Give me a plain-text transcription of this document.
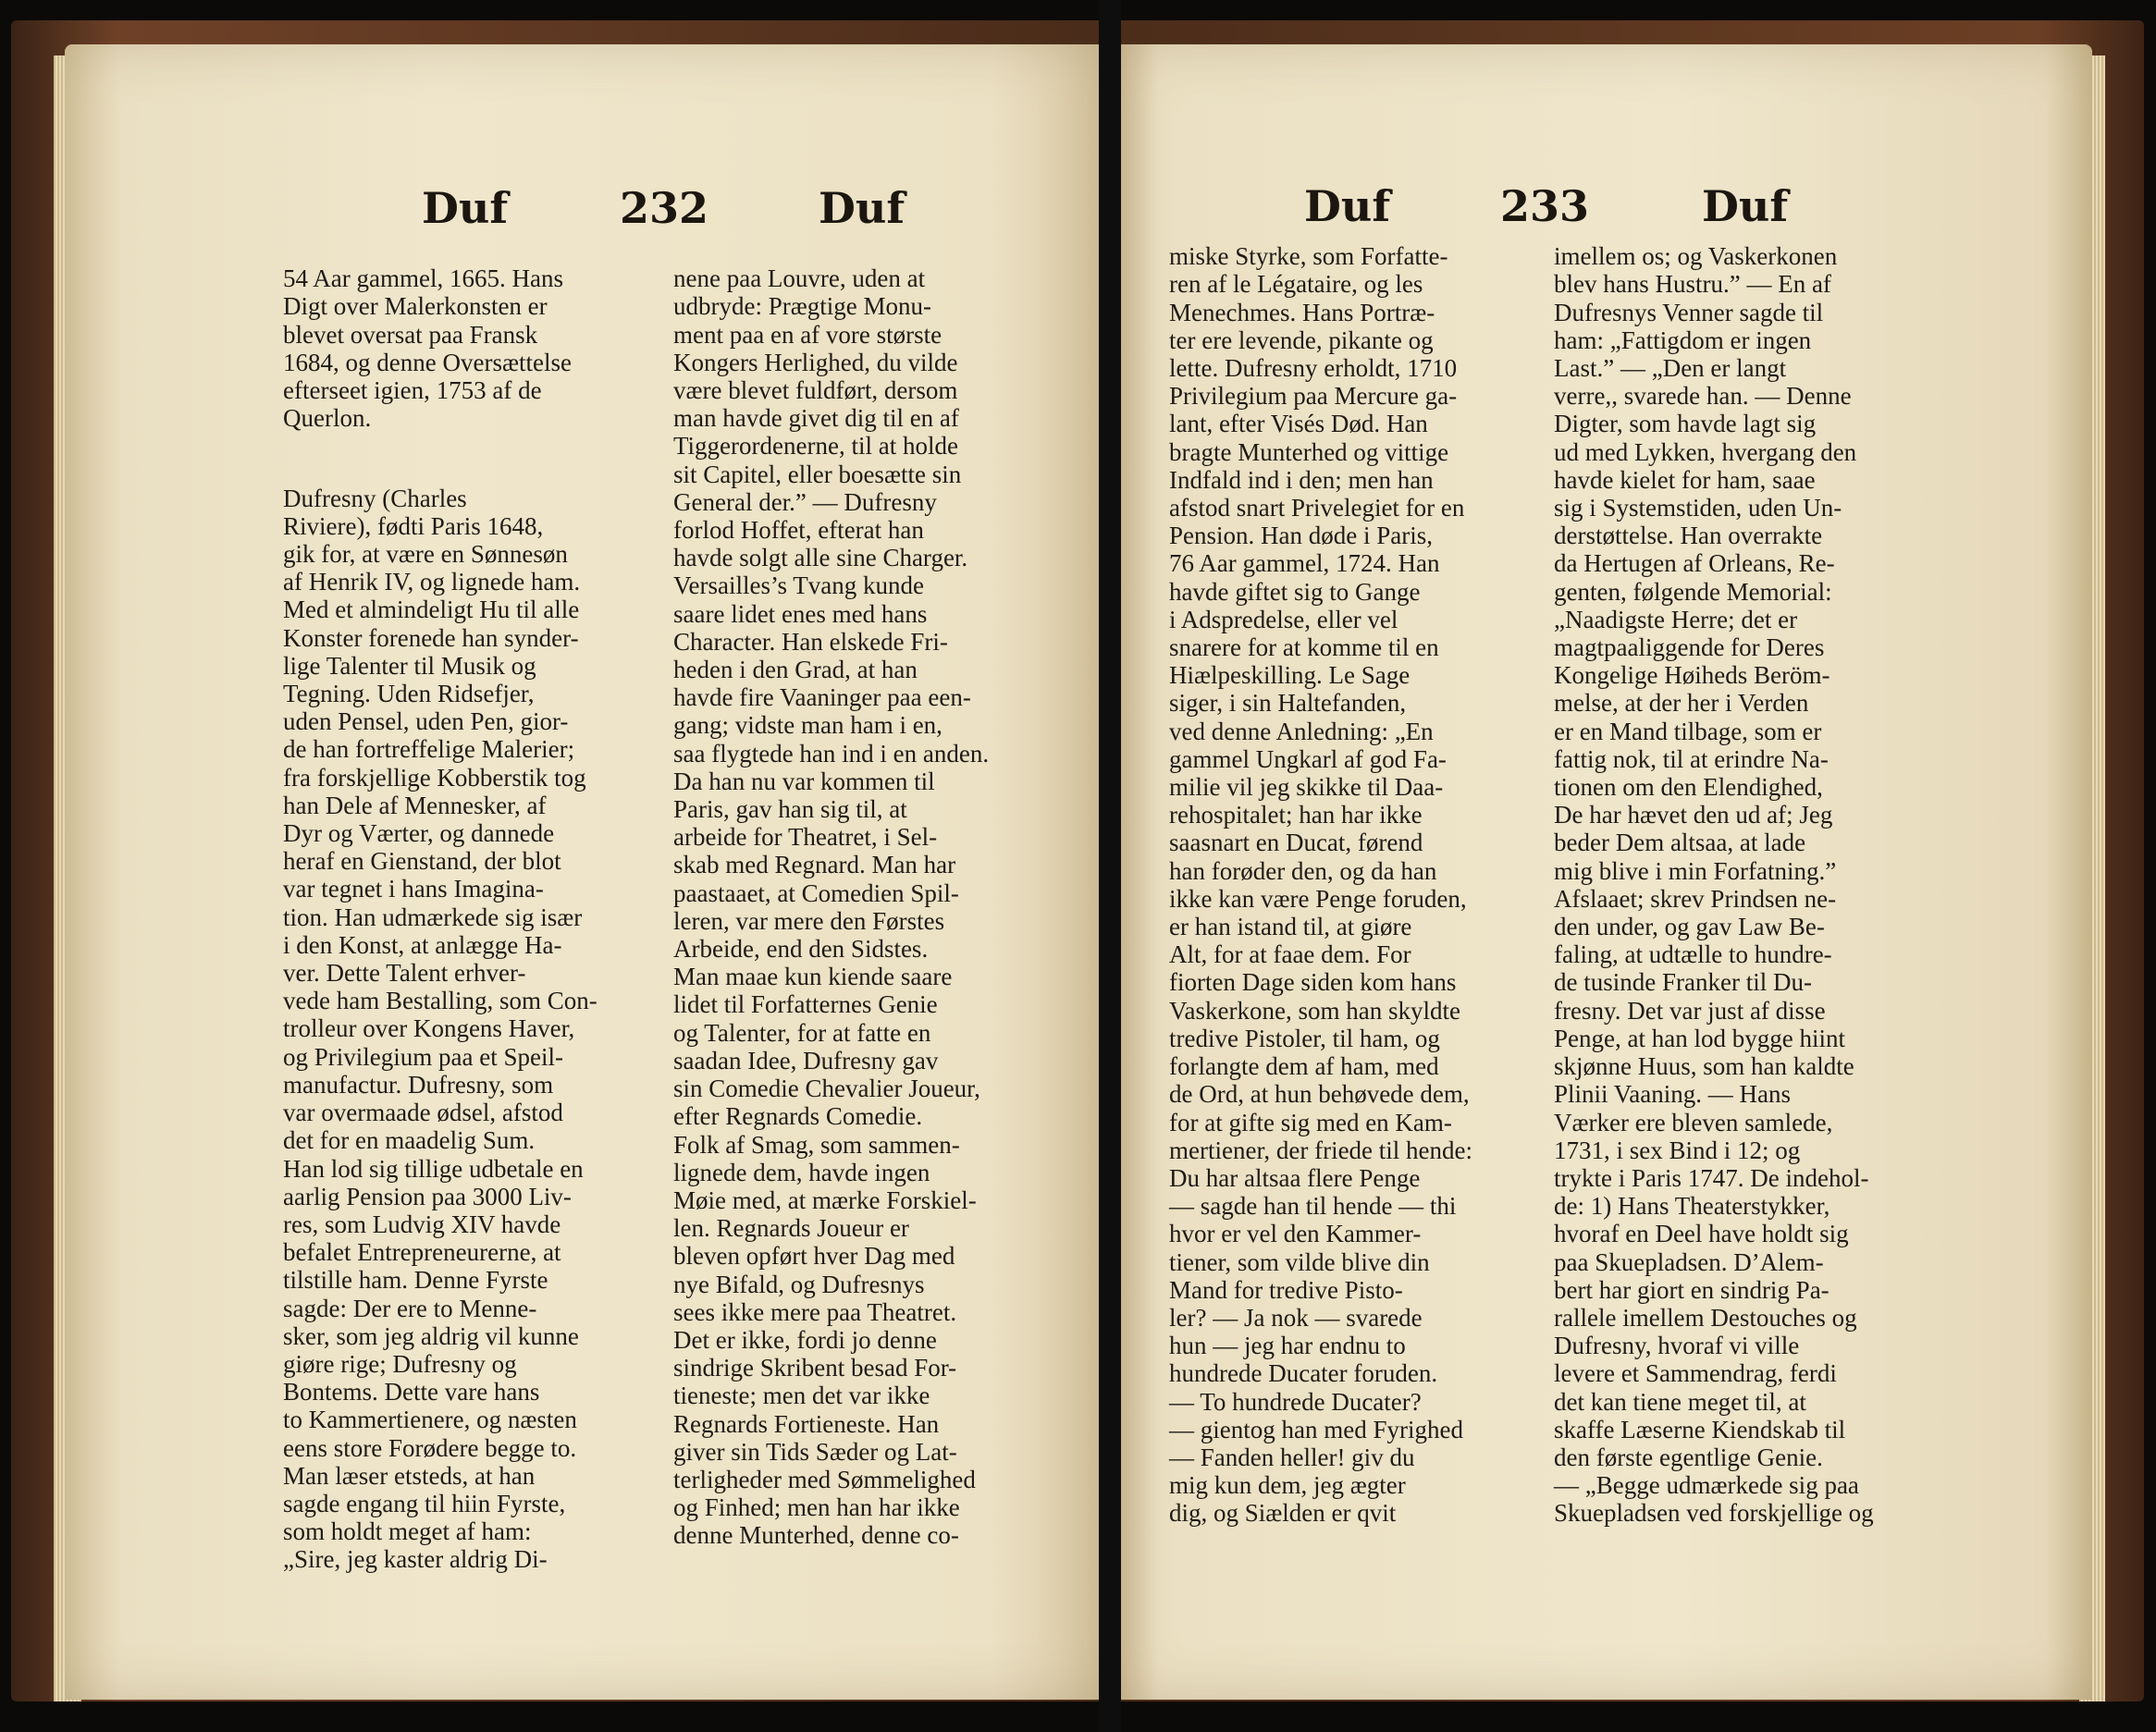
Duf	232	Duf

54 Aar gammel, 1665. Hans
Digt over Malerkonsten er
blevet oversat paa Fransk
1684, og denne Oversættelse
efterseet igien, 1753 af de
Querlon.

Dufresny (Charles
Riviere), fødti Paris 1648,
gik for, at være en Sønnesøn
af Henrik IV, og lignede ham.
Med et almindeligt Hu til alle
Konster forenede han synder-
lige Talenter til Musik og
Tegning. Uden Ridsefjer,
uden Pensel, uden Pen, gior-
de han fortreffelige Malerier;
fra forskjellige Kobberstik tog
han Dele af Mennesker, af
Dyr og Værter, og dannede
heraf en Gienstand, der blot
var tegnet i hans Imagina-
tion. Han udmærkede sig især
i den Konst, at anlægge Ha-
ver. Dette Talent erhver-
vede ham Bestalling, som Con-
trolleur over Kongens Haver,
og Privilegium paa et Speil-
manufactur. Dufresny, som
var overmaade ødsel, afstod
det for en maadelig Sum.
Han lod sig tillige udbetale en
aarlig Pension paa 3000 Liv-
res, som Ludvig XIV havde
befalet Entrepreneurerne, at
tilstille ham. Denne Fyrste
sagde: Der ere to Menne-
sker, som jeg aldrig vil kunne
giøre rige; Dufresny og
Bontems. Dette vare hans
to Kammertienere, og næsten
eens store Forødere begge to.
Man læser etsteds, at han
sagde engang til hiin Fyrste,
som holdt meget af ham:
„Sire, jeg kaster aldrig Di-

nene paa Louvre, uden at
udbryde: Prægtige Monu-
ment paa en af vore største
Kongers Herlighed, du vilde
være blevet fuldført, dersom
man havde givet dig til en af
Tiggerordenerne, til at holde
sit Capitel, eller boesætte sin
General der.” — Dufresny
forlod Hoffet, efterat han
havde solgt alle sine Charger.
Versailles’s Tvang kunde
saare lidet enes med hans
Character. Han elskede Fri-
heden i den Grad, at han
havde fire Vaaninger paa een-
gang; vidste man ham i en,
saa flygtede han ind i en anden.
Da han nu var kommen til
Paris, gav han sig til, at
arbeide for Theatret, i Sel-
skab med Regnard. Man har
paastaaet, at Comedien Spil-
leren, var mere den Førstes
Arbeide, end den Sidstes.
Man maae kun kiende saare
lidet til Forfatternes Genie
og Talenter, for at fatte en
saadan Idee, Dufresny gav
sin Comedie Chevalier Joueur,
efter Regnards Comedie.
Folk af Smag, som sammen-
lignede dem, havde ingen
Møie med, at mærke Forskiel-
len. Regnards Joueur er
bleven opført hver Dag med
nye Bifald, og Dufresnys
sees ikke mere paa Theatret.
Det er ikke, fordi jo denne
sindrige Skribent besad For-
tieneste; men det var ikke
Regnards Fortieneste. Han
giver sin Tids Sæder og Lat-
terligheder med Sømmelighed
og Finhed; men han har ikke
denne Munterhed, denne co-

Duf	233	Duf

miske Styrke, som Forfatte-
ren af le Légataire, og les
Menechmes. Hans Portræ-
ter ere levende, pikante og
lette. Dufresny erholdt, 1710
Privilegium paa Mercure ga-
lant, efter Visés Død. Han
bragte Munterhed og vittige
Indfald ind i den; men han
afstod snart Privelegiet for en
Pension. Han døde i Paris,
76 Aar gammel, 1724. Han
havde giftet sig to Gange
i Adspredelse, eller vel
snarere for at komme til en
Hiælpeskilling. Le Sage
siger, i sin Haltefanden,
ved denne Anledning: „En
gammel Ungkarl af god Fa-
milie vil jeg skikke til Daa-
rehospitalet; han har ikke
saasnart en Ducat, førend
han forøder den, og da han
ikke kan være Penge foruden,
er han istand til, at giøre
Alt, for at faae dem. For
fiorten Dage siden kom hans
Vaskerkone, som han skyldte
tredive Pistoler, til ham, og
forlangte dem af ham, med
de Ord, at hun behøvede dem,
for at gifte sig med en Kam-
mertiener, der friede til hende:
Du har altsaa flere Penge
— sagde han til hende — thi
hvor er vel den Kammer-
tiener, som vilde blive din
Mand for tredive Pisto-
ler? — Ja nok — svarede
hun — jeg har endnu to
hundrede Ducater foruden.
— To hundrede Ducater?
— gientog han med Fyrighed
— Fanden heller! giv du
mig kun dem, jeg ægter
dig, og Siælden er qvit

imellem os; og Vaskerkonen
blev hans Hustru.” — En af
Dufresnys Venner sagde til
ham: „Fattigdom er ingen
Last.” — „Den er langt
verre,, svarede han. — Denne
Digter, som havde lagt sig
ud med Lykken, hvergang den
havde kielet for ham, saae
sig i Systemstiden, uden Un-
derstøttelse. Han overrakte
da Hertugen af Orleans, Re-
genten, følgende Memorial:
„Naadigste Herre; det er
magtpaaliggende for Deres
Kongelige Høiheds Beröm-
melse, at der her i Verden
er en Mand tilbage, som er
fattig nok, til at erindre Na-
tionen om den Elendighed,
De har hævet den ud af; Jeg
beder Dem altsaa, at lade
mig blive i min Forfatning.”
Afslaaet; skrev Prindsen ne-
den under, og gav Law Be-
faling, at udtælle to hundre-
de tusinde Franker til Du-
fresny. Det var just af disse
Penge, at han lod bygge hiint
skjønne Huus, som han kaldte
Plinii Vaaning. — Hans
Værker ere bleven samlede,
1731, i sex Bind i 12; og
trykte i Paris 1747. De indehol-
de: 1) Hans Theaterstykker,
hvoraf en Deel have holdt sig
paa Skuepladsen. D’Alem-
bert har giort en sindrig Pa-
rallele imellem Destouches og
Dufresny, hvoraf vi ville
levere et Sammendrag, ferdi
det kan tiene meget til, at
skaffe Læserne Kiendskab til
den første egentlige Genie.
— „Begge udmærkede sig paa
Skuepladsen ved forskjellige og
